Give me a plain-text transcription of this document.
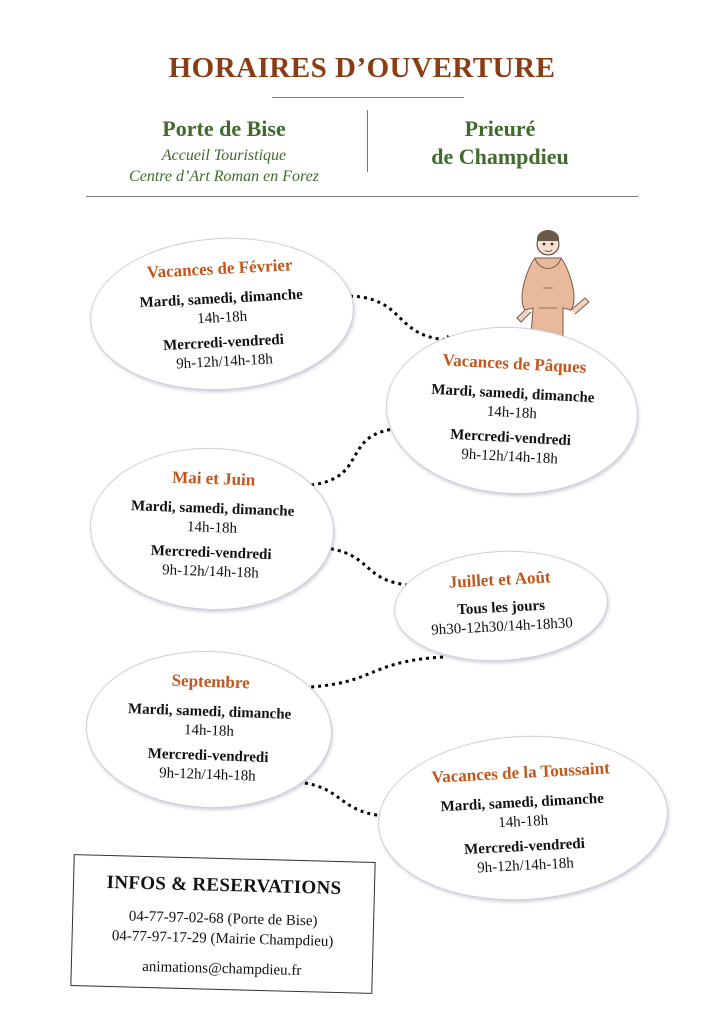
HORAIRES D’OUVERTURE
Porte de Bise
Accueil Touristique
Centre d’Art Roman en Forez
Prieuré
de Champdieu
Vacances de Février
Mardi, samedi, dimanche
14h-18h
Mercredi-vendredi
9h-12h/14h-18h	Vacances de Pâques
Mardi, samedi, dimanche
14h-18h
Mercredi-vendredi
9h-12h/14h-18h
Mai et Juin
Mardi, samedi, dimanche
14h-18h
Mercredi-vendredi
9h-12h/14h-18h	Juillet et Août
Tous les jours
9h30-12h30/14h-18h30
Septembre
Mardi, samedi, dimanche
14h-18h
Mercredi-vendredi
9h-12h/14h-18h	Vacances de la Toussaint
Mardi, samedi, dimanche
14h-18h
Mercredi-vendredi
9h-12h/14h-18h
INFOS & RESERVATIONS
04-77-97-02-68 (Porte de Bise)
04-77-97-17-29 (Mairie Champdieu)
animations@champdieu.fr
